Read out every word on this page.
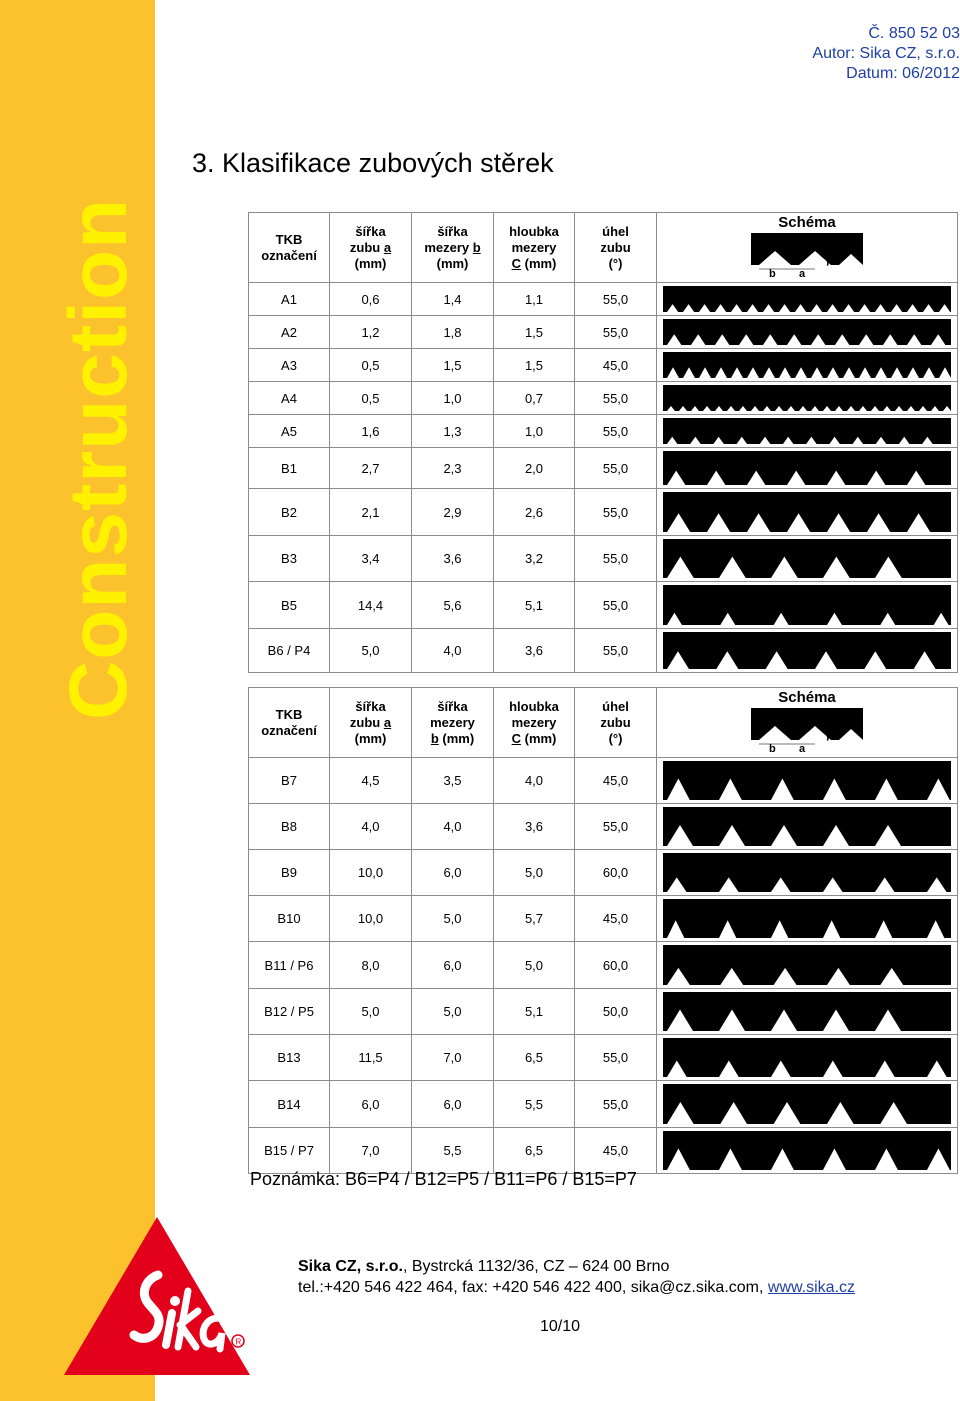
Construction
R
Č. 850 52 03
Autor: Sika CZ, s.r.o.
Datum: 06/2012
3. Klasifikace zubových stěrek
TKB
označení	šířka
zubu a
(mm)	šířka
mezery b
(mm)	hloubka
mezery
C (mm)	úhel
zubu
(°)	Schéma
b a
γ

A1	0,6	1,4	1,1	55,0	

A2	1,2	1,8	1,5	55,0	

A3	0,5	1,5	1,5	45,0	

A4	0,5	1,0	0,7	55,0	

A5	1,6	1,3	1,0	55,0	

B1	2,7	2,3	2,0	55,0	

B2	2,1	2,9	2,6	55,0	

B3	3,4	3,6	3,2	55,0	

B5	14,4	5,6	5,1	55,0	

B6 / P4	5,0	4,0	3,6	55,0	
TKB
označení	šířka
zubu a
(mm)	šířka
mezery
b (mm)	hloubka
mezery
C (mm)	úhel
zubu
(°)	Schéma
b a
γ

B7	4,5	3,5	4,0	45,0	

B8	4,0	4,0	3,6	55,0	

B9	10,0	6,0	5,0	60,0	

B10	10,0	5,0	5,7	45,0	

B11 / P6	8,0	6,0	5,0	60,0	

B12 / P5	5,0	5,0	5,1	50,0	

B13	11,5	7,0	6,5	55,0	

B14	6,0	6,0	5,5	55,0	

B15 / P7	7,0	5,5	6,5	45,0	
Poznámka: B6=P4 / B12=P5 / B11=P6 / B15=P7
Sika CZ, s.r.o., Bystrcká 1132/36, CZ – 624 00 Brno
tel.:+420 546 422 464, fax: +420 546 422 400, sika@cz.sika.com, www.sika.cz
10/10
